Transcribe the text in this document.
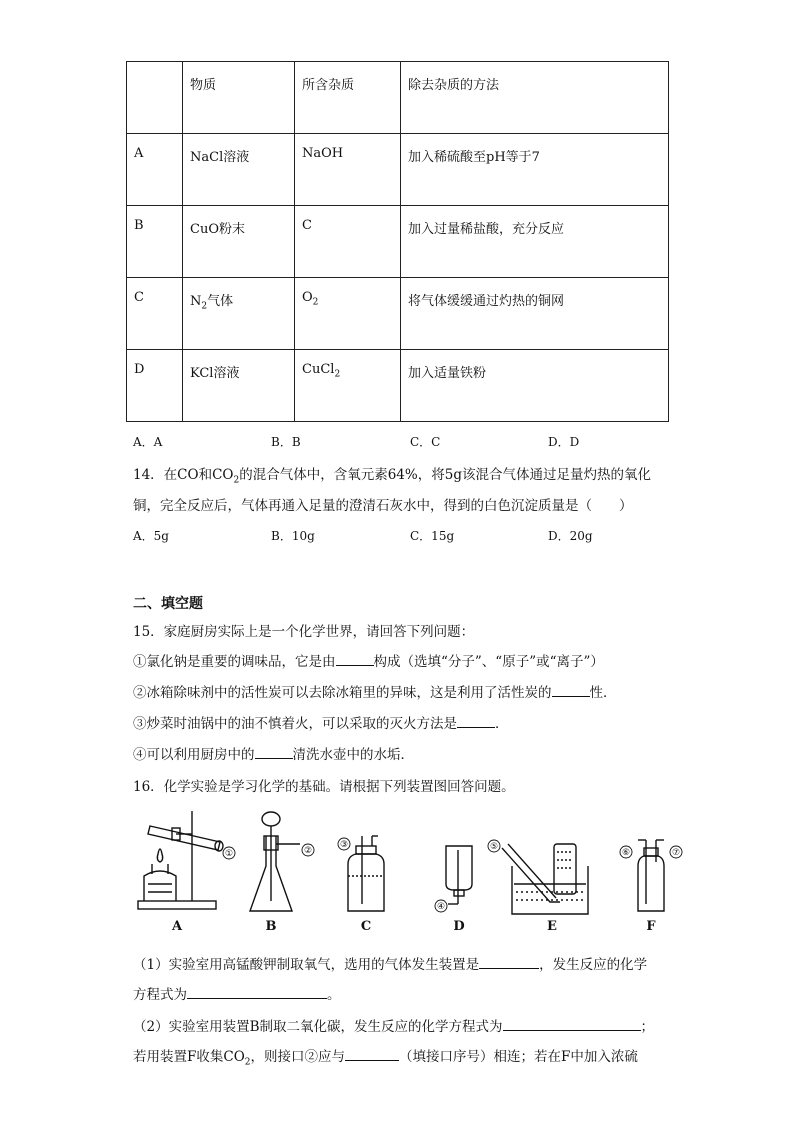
	物质	所含杂质	除去杂质的方法

A	NaCl溶液	NaOH	加入稀硫酸至pH等于7

B	CuO粉末	C	加入过量稀盐酸，充分反应

C	$N_2$气体	$O_2$	将气体缓缓通过灼热的铜网

D	KCl溶液	CuCl$_2$	加入适量铁粉
A．A	B．B	C．C	D．D
14．在CO和$CO_2$的混合气体中，含氧元素64%，将5g该混合气体通过足量灼热的氧化
铜，完全反应后，气体再通入足量的澄清石灰水中，得到的白色沉淀质量是（　　）
A．5g	B．10g	C．15g	D．20g
二、填空题
15．家庭厨房实际上是一个化学世界，请回答下列问题：
①氯化钠是重要的调味品，它是由	构成（选填“分子”、“原子”或“离子”）
②冰箱除味剂中的活性炭可以去除冰箱里的异味，这是利用了活性炭的	性．
③炒菜时油锅中的油不慎着火，可以采取的灭火方法是	．
④可以利用厨房中的	清洗水壶中的水垢．
16．化学实验是学习化学的基础。请根据下列装置图回答问题。
①	②
③
④
⑤
⑥	⑦
A	B	C	D	E	F
（1）实验室用高锰酸钾制取氧气，选用的气体发生装置是	，发生反应的化学
方程式为	。
（2）实验室用装置B制取二氧化碳，发生反应的化学方程式为	；
若用装置F收集$CO_2$，则接口②应与	（填接口序号）相连；若在F中加入浓硫
